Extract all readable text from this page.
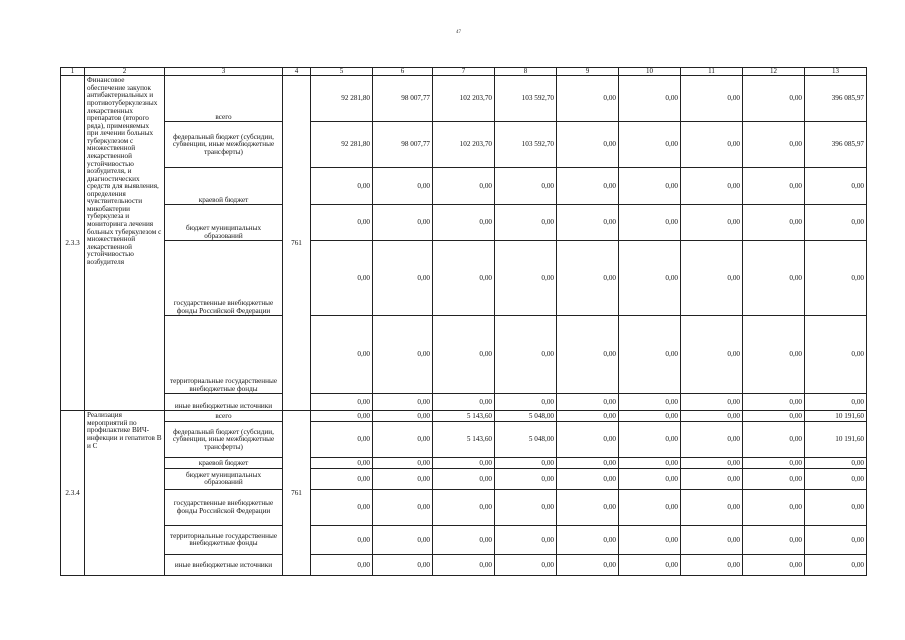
47
1	2	3	4	5	6	7	8	9	10	11	12	13
2.3.3	Финансовое обеспечение закупок антибактериальных и противотуберкулезных лекарственных препаратов (второго ряда), применяемых при лечении больных туберкулезом с множественной лекарственной устойчивостью возбудителя, и диагностических средств для выявления, определения чувствительности микобактерии туберкулеза и мониторинга лечения больных туберкулезом с множественной лекарственной устойчивостью возбудителя	всего	761	92 281,80	98 007,77	102 203,70	103 592,70	0,00	0,00	0,00	0,00	396 085,97
		федеральный бюджет (субсидии, субвенции, иные межбюджетные трансферты)		92 281,80	98 007,77	102 203,70	103 592,70	0,00	0,00	0,00	0,00	396 085,97
		краевой бюджет		0,00	0,00	0,00	0,00	0,00	0,00	0,00	0,00	0,00
		бюджет муниципальных образований		0,00	0,00	0,00	0,00	0,00	0,00	0,00	0,00	0,00
		государственные внебюджетные фонды Российской Федерации		0,00	0,00	0,00	0,00	0,00	0,00	0,00	0,00	0,00
		территориальные государственные внебюджетные фонды		0,00	0,00	0,00	0,00	0,00	0,00	0,00	0,00	0,00
		иные внебюджетные источники		0,00	0,00	0,00	0,00	0,00	0,00	0,00	0,00	0,00
2.3.4	Реализация мероприятий по профилактике ВИЧ-инфекции и гепатитов B и C	всего	761	0,00	0,00	5 143,60	5 048,00	0,00	0,00	0,00	0,00	10 191,60
		федеральный бюджет (субсидии, субвенции, иные межбюджетные трансферты)		0,00	0,00	5 143,60	5 048,00	0,00	0,00	0,00	0,00	10 191,60
		краевой бюджет		0,00	0,00	0,00	0,00	0,00	0,00	0,00	0,00	0,00
		бюджет муниципальных образований		0,00	0,00	0,00	0,00	0,00	0,00	0,00	0,00	0,00
		государственные внебюджетные фонды Российской Федерации		0,00	0,00	0,00	0,00	0,00	0,00	0,00	0,00	0,00
		территориальные государственные внебюджетные фонды		0,00	0,00	0,00	0,00	0,00	0,00	0,00	0,00	0,00
		иные внебюджетные источники		0,00	0,00	0,00	0,00	0,00	0,00	0,00	0,00	0,00
